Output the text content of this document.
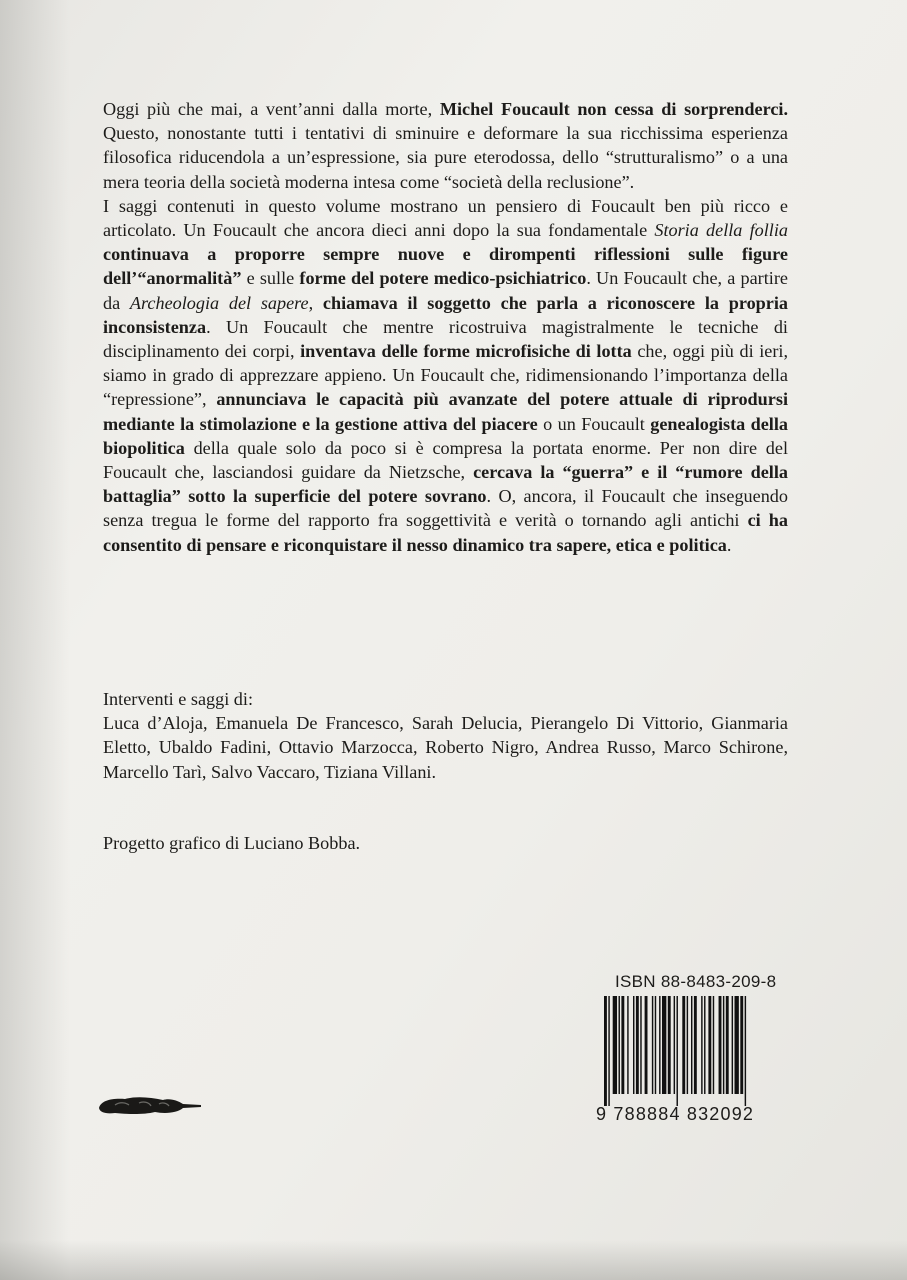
Oggi più che mai, a vent’anni dalla morte, Michel Foucault non cessa di sorprenderci. Questo, nonostante tutti i tentativi di sminuire e deformare la sua ricchissima esperienza filosofica riducendola a un’espressione, sia pure eterodossa, dello “strutturalismo” o a una mera teoria della società moderna intesa come “società della reclusione”.

I saggi contenuti in questo volume mostrano un pensiero di Foucault ben più ricco e articolato. Un Foucault che ancora dieci anni dopo la sua fondamentale Storia della follia continuava a proporre sempre nuove e dirompenti riflessioni sulle figure dell’“anormalità” e sulle forme del potere medico-psichiatrico. Un Foucault che, a partire da Archeologia del sapere, chiamava il soggetto che parla a riconoscere la propria inconsistenza. Un Foucault che mentre ricostruiva magistralmente le tecniche di disciplinamento dei corpi, inventava delle forme microfisiche di lotta che, oggi più di ieri, siamo in grado di apprezzare appieno. Un Foucault che, ridimensionando l’importanza della “repressione”, annunciava le capacità più avanzate del potere attuale di riprodursi mediante la stimolazione e la gestione attiva del piacere o un Foucault genealogista della biopolitica della quale solo da poco si è compresa la portata enorme. Per non dire del Foucault che, lasciandosi guidare da Nietzsche, cercava la “guerra” e il “rumore della battaglia” sotto la superficie del potere sovrano. O, ancora, il Foucault che inseguendo senza tregua le forme del rapporto fra soggettività e verità o tornando agli antichi ci ha consentito di pensare e riconquistare il nesso dinamico tra sapere, etica e politica.

Interventi e saggi di:
Luca d’Aloja, Emanuela De Francesco, Sarah Delucia, Pierangelo Di Vittorio, Gianmaria Eletto, Ubaldo Fadini, Ottavio Marzocca, Roberto Nigro, Andrea Russo, Marco Schirone, Marcello Tarì, Salvo Vaccaro, Tiziana Villani.
Progetto grafico di Luciano Bobba.
ISBN 88-8483-209-8
9 788884 832092
